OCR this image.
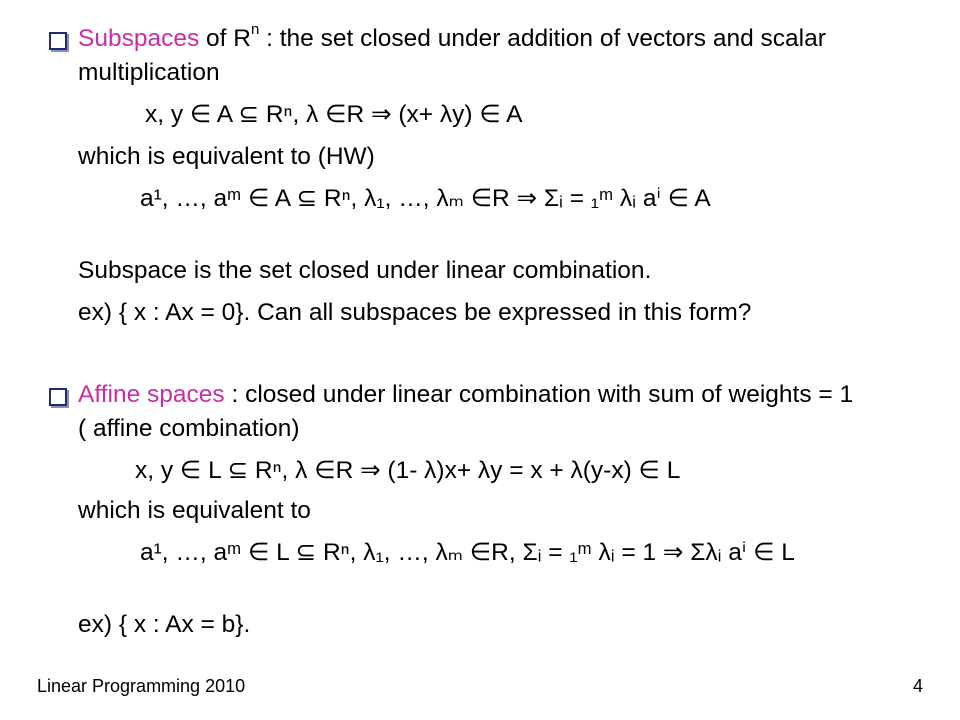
Subspaces of $R^n$ : the set closed under addition of vectors and scalar
multiplication
x, y ∈ A ⊆ Rⁿ, λ ∈R ⇒ (x+ λy) ∈ A
which is equivalent to (HW)
a¹, …, aᵐ ∈ A ⊆ Rⁿ, λ₁, …, λₘ ∈R ⇒ Σᵢ = ₁ᵐ λᵢ aⁱ ∈ A
Subspace is the set closed under linear combination.
ex) { x : Ax = 0}. Can all subspaces be expressed in this form?
Affine spaces : closed under linear combination with sum of weights = 1
( affine combination)
x, y ∈ L ⊆ Rⁿ, λ ∈R ⇒ (1- λ)x+ λy = x + λ(y-x) ∈ L
which is equivalent to
a¹, …, aᵐ ∈ L ⊆ Rⁿ, λ₁, …, λₘ ∈R, Σᵢ = ₁ᵐ λᵢ = 1 ⇒ Σλᵢ aⁱ ∈ L
ex) { x : Ax = b}.
Linear Programming 2010	4
